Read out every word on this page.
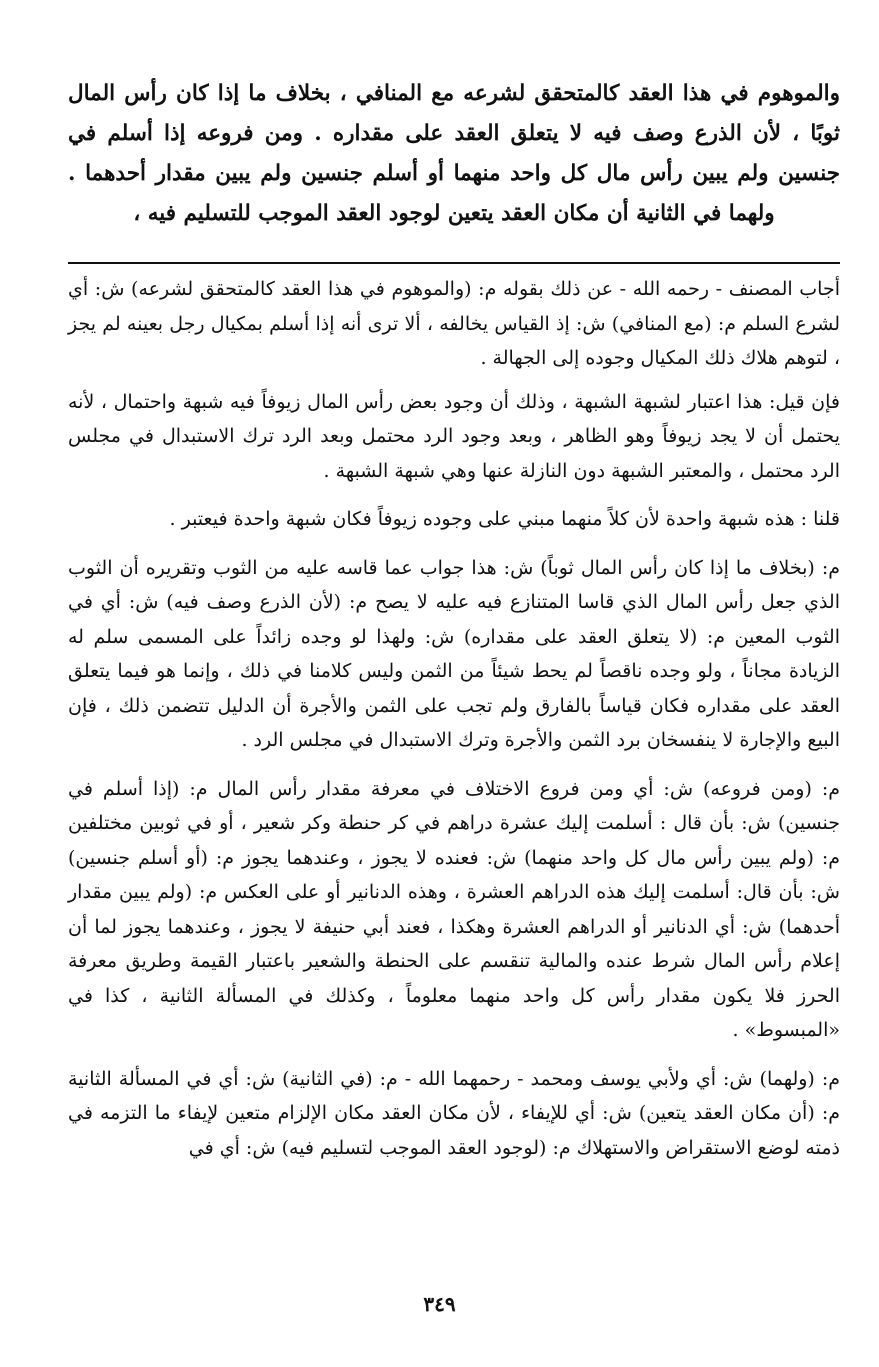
والموهوم في هذا العقد كالمتحقق لشرعه مع المنافي ، بخلاف ما إذا كان رأس المال ثوبًا ، لأن الذرع وصف فيه لا يتعلق العقد على مقداره . ومن فروعه إذا أسلم في جنسين ولم يبين رأس مال كل واحد منهما أو أسلم جنسين ولم يبين مقدار أحدهما . ولهما في الثانية أن مكان العقد يتعين لوجود العقد الموجب للتسليم فيه ،

أجاب المصنف - رحمه الله - عن ذلك بقوله م: (والموهوم في هذا العقد كالمتحقق لشرعه) ش: أي لشرع السلم م: (مع المنافي) ش: إذ القياس يخالفه ، ألا ترى أنه إذا أسلم بمكيال رجل بعينه لم يجز ، لتوهم هلاك ذلك المكيال وجوده إلى الجهالة .

فإن قيل: هذا اعتبار لشبهة الشبهة ، وذلك أن وجود بعض رأس المال زيوفاً فيه شبهة واحتمال ، لأنه يحتمل أن لا يجد زيوفاً وهو الظاهر ، وبعد وجود الرد محتمل وبعد الرد ترك الاستبدال في مجلس الرد محتمل ، والمعتبر الشبهة دون النازلة عنها وهي شبهة الشبهة .

قلنا : هذه شبهة واحدة لأن كلاً منهما مبني على وجوده زيوفاً فكان شبهة واحدة فيعتبر .

م: (بخلاف ما إذا كان رأس المال ثوباً) ش: هذا جواب عما قاسه عليه من الثوب وتقريره أن الثوب الذي جعل رأس المال الذي قاسا المتنازع فيه عليه لا يصح م: (لأن الذرع وصف فيه) ش: أي في الثوب المعين م: (لا يتعلق العقد على مقداره) ش: ولهذا لو وجده زائداً على المسمى سلم له الزيادة مجاناً ، ولو وجده ناقصاً لم يحط شيئاً من الثمن وليس كلامنا في ذلك ، وإنما هو فيما يتعلق العقد على مقداره فكان قياساً بالفارق ولم تجب على الثمن والأجرة أن الدليل تتضمن ذلك ، فإن البيع والإجارة لا ينفسخان برد الثمن والأجرة وترك الاستبدال في مجلس الرد .

م: (ومن فروعه) ش: أي ومن فروع الاختلاف في معرفة مقدار رأس المال م: (إذا أسلم في جنسين) ش: بأن قال : أسلمت إليك عشرة دراهم في كر حنطة وكر شعير ، أو في ثوبين مختلفين م: (ولم يبين رأس مال كل واحد منهما) ش: فعنده لا يجوز ، وعندهما يجوز م: (أو أسلم جنسين) ش: بأن قال: أسلمت إليك هذه الدراهم العشرة ، وهذه الدنانير أو على العكس م: (ولم يبين مقدار أحدهما) ش: أي الدنانير أو الدراهم العشرة وهكذا ، فعند أبي حنيفة لا يجوز ، وعندهما يجوز لما أن إعلام رأس المال شرط عنده والمالية تنقسم على الحنطة والشعير باعتبار القيمة وطريق معرفة الحرز فلا يكون مقدار رأس كل واحد منهما معلوماً ، وكذلك في المسألة الثانية ، كذا في «المبسوط» .

م: (ولهما) ش: أي ولأبي يوسف ومحمد - رحمهما الله - م: (في الثانية) ش: أي في المسألة الثانية م: (أن مكان العقد يتعين) ش: أي للإيفاء ، لأن مكان العقد مكان الإلزام متعين لإيفاء ما التزمه في ذمته لوضع الاستقراض والاستهلاك م: (لوجود العقد الموجب لتسليم فيه) ش: أي في

٣٤٩
